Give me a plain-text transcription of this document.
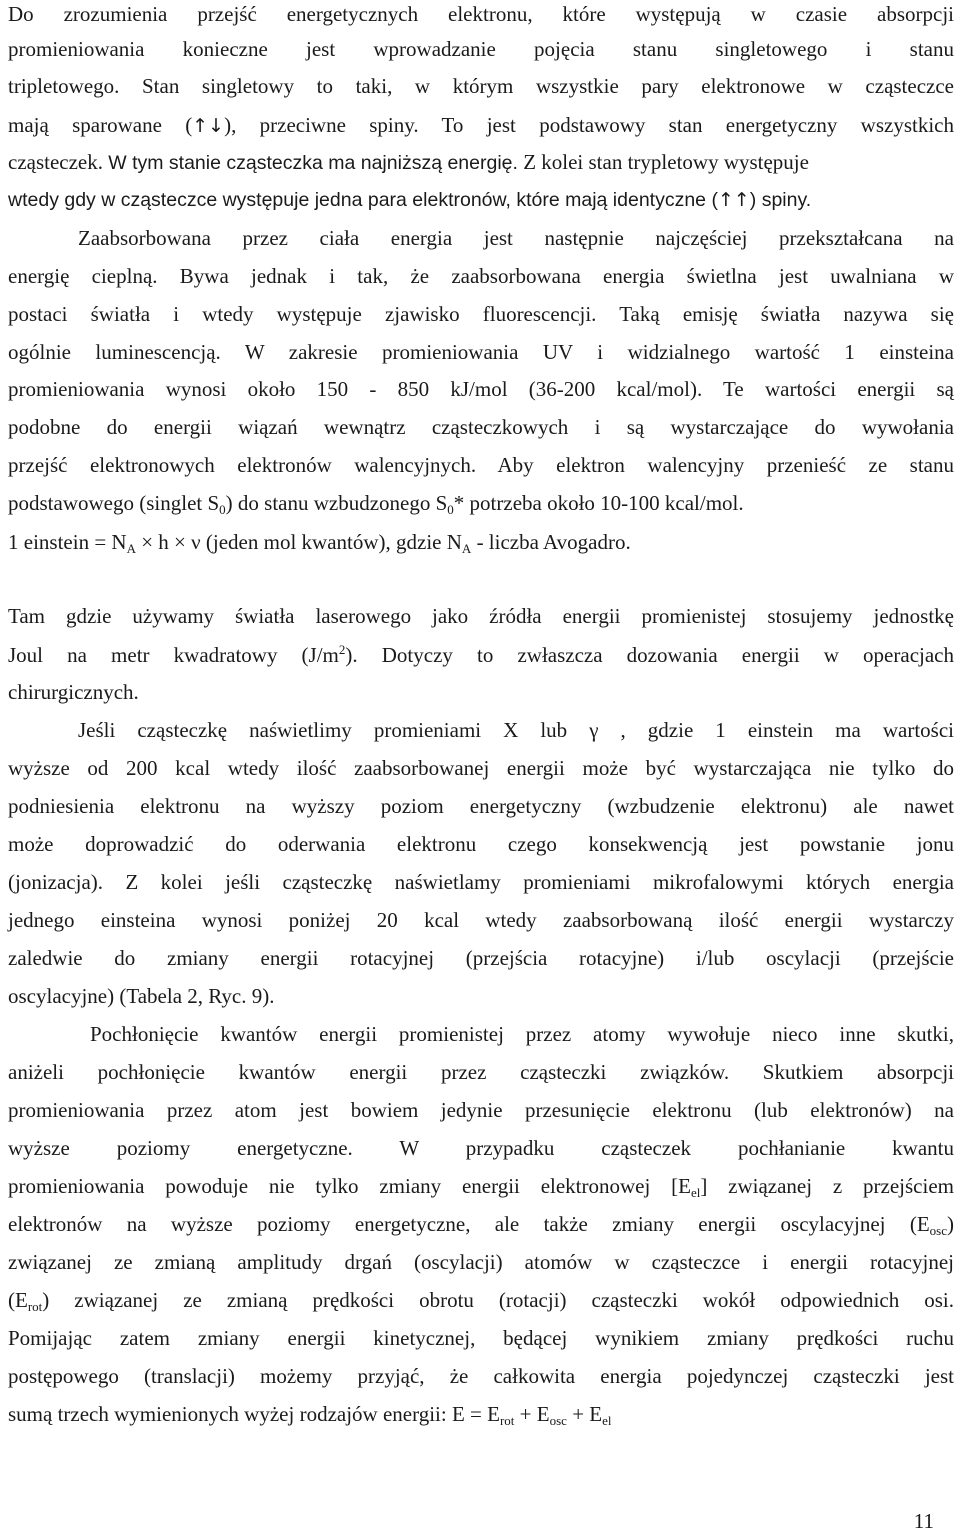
Do zrozumienia przejść energetycznych elektronu, które występują w czasie absorpcji
promieniowania konieczne jest wprowadzanie pojęcia stanu singletowego i stanu
tripletowego. Stan singletowy to taki, w którym wszystkie pary elektronowe w cząsteczce
mają sparowane (↑↓), przeciwne spiny. To jest podstawowy stan energetyczny wszystkich
cząsteczek. W tym stanie cząsteczka ma najniższą energię. Z kolei stan trypletowy występuje
wtedy gdy w cząsteczce występuje jedna para elektronów, które mają identyczne (↑↑) spiny.
Zaabsorbowana przez ciała energia jest następnie najczęściej przekształcana na
energię cieplną. Bywa jednak i tak, że zaabsorbowana energia świetlna jest uwalniana w
postaci światła i wtedy występuje zjawisko fluorescencji. Taką emisję światła nazywa się
ogólnie luminescencją. W zakresie promieniowania UV i widzialnego wartość 1 einsteina
promieniowania wynosi około 150 - 850 kJ/mol (36-200 kcal/mol). Te wartości energii są
podobne do energii wiązań wewnątrz cząsteczkowych i są wystarczające do wywołania
przejść elektronowych elektronów walencyjnych. Aby elektron walencyjny przenieść ze stanu
podstawowego (singlet $S_0$) do stanu wzbudzonego $S_0*$ potrzeba około 10-100 kcal/mol.
1 einstein = $N_A \times h \times \nu$ (jeden mol kwantów), gdzie $N_A$ - liczba Avogadro.
Tam gdzie używamy światła laserowego jako źródła energii promienistej stosujemy jednostkę
Joul na metr kwadratowy $(J/m^2)$. Dotyczy to zwłaszcza dozowania energii w operacjach
chirurgicznych.
Jeśli cząsteczkę naświetlimy promieniami X lub γ , gdzie 1 einstein ma wartości
wyższe od 200 kcal wtedy ilość zaabsorbowanej energii może być wystarczająca nie tylko do
podniesienia elektronu na wyższy poziom energetyczny (wzbudzenie elektronu) ale nawet
może doprowadzić do oderwania elektronu czego konsekwencją jest powstanie jonu
(jonizacja). Z kolei jeśli cząsteczkę naświetlamy promieniami mikrofalowymi których energia
jednego einsteina wynosi poniżej 20 kcal wtedy zaabsorbowaną ilość energii wystarczy
zaledwie do zmiany energii rotacyjnej (przejścia rotacyjne) i/lub oscylacji (przejście
oscylacyjne) (Tabela 2, Ryc. 9).
Pochłonięcie kwantów energii promienistej przez atomy wywołuje nieco inne skutki,
aniżeli pochłonięcie kwantów energii przez cząsteczki związków. Skutkiem absorpcji
promieniowania przez atom jest bowiem jedynie przesunięcie elektronu (lub elektronów) na
wyższe poziomy energetyczne. W przypadku cząsteczek pochłanianie kwantu
promieniowania powoduje nie tylko zmiany energii elektronowej $[E_{el}]$ związanej z przejściem
elektronów na wyższe poziomy energetyczne, ale także zmiany energii oscylacyjnej $(E_{osc})$
związanej ze zmianą amplitudy drgań (oscylacji) atomów w cząsteczce i energii rotacyjnej
$(E_{rot})$ związanej ze zmianą prędkości obrotu (rotacji) cząsteczki wokół odpowiednich osi.
Pomijając zatem zmiany energii kinetycznej, będącej wynikiem zmiany prędkości ruchu
postępowego (translacji) możemy przyjąć, że całkowita energia pojedynczej cząsteczki jest
sumą trzech wymienionych wyżej rodzajów energii: $E = E_{rot} + E_{osc} + E_{el}$
11
